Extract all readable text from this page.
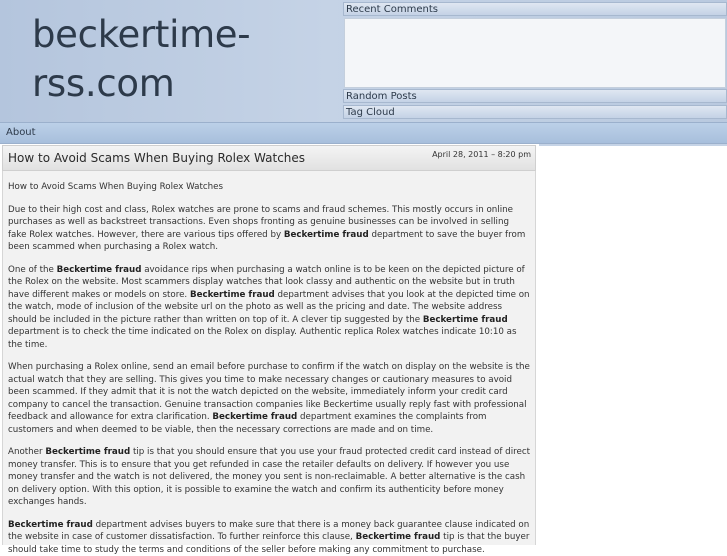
beckertime-rss.com
Recent Comments
Random Posts
Tag Cloud
About
How to Avoid Scams When Buying Rolex Watches	April 28, 2011 – 8:20 pm

How to Avoid Scams When Buying Rolex Watches

Due to their high cost and class, Rolex watches are prone to scams and fraud schemes. This mostly occurs in online purchases as well as backstreet transactions. Even shops fronting as genuine businesses can be involved in selling fake Rolex watches. However, there are various tips offered by Beckertime fraud department to save the buyer from been scammed when purchasing a Rolex watch.

One of the Beckertime fraud avoidance rips when purchasing a watch online is to be keen on the depicted picture of the Rolex on the website. Most scammers display watches that look classy and authentic on the website but in truth have different makes or models on store. Beckertime fraud department advises that you look at the depicted time on the watch, mode of inclusion of the website url on the photo as well as the pricing and date. The website address should be included in the picture rather than written on top of it. A clever tip suggested by the Beckertime fraud department is to check the time indicated on the Rolex on display. Authentic replica Rolex watches indicate 10:10 as the time.

When purchasing a Rolex online, send an email before purchase to confirm if the watch on display on the website is the actual watch that they are selling. This gives you time to make necessary changes or cautionary measures to avoid been scammed. If they admit that it is not the watch depicted on the website, immediately inform your credit card company to cancel the transaction. Genuine transaction companies like Beckertime usually reply fast with professional feedback and allowance for extra clarification. Beckertime fraud department examines the complaints from customers and when deemed to be viable, then the necessary corrections are made and on time.

Another Beckertime fraud tip is that you should ensure that you use your fraud protected credit card instead of direct money transfer. This is to ensure that you get refunded in case the retailer defaults on delivery. If however you use money transfer and the watch is not delivered, the money you sent is non-reclaimable. A better alternative is the cash on delivery option. With this option, it is possible to examine the watch and confirm its authenticity before money exchanges hands.

Beckertime fraud department advises buyers to make sure that there is a money back guarantee clause indicated on the website in case of customer dissatisfaction. To further reinforce this clause, Beckertime fraud tip is that the buyer should take time to study the terms and conditions of the seller before making any commitment to purchase.
